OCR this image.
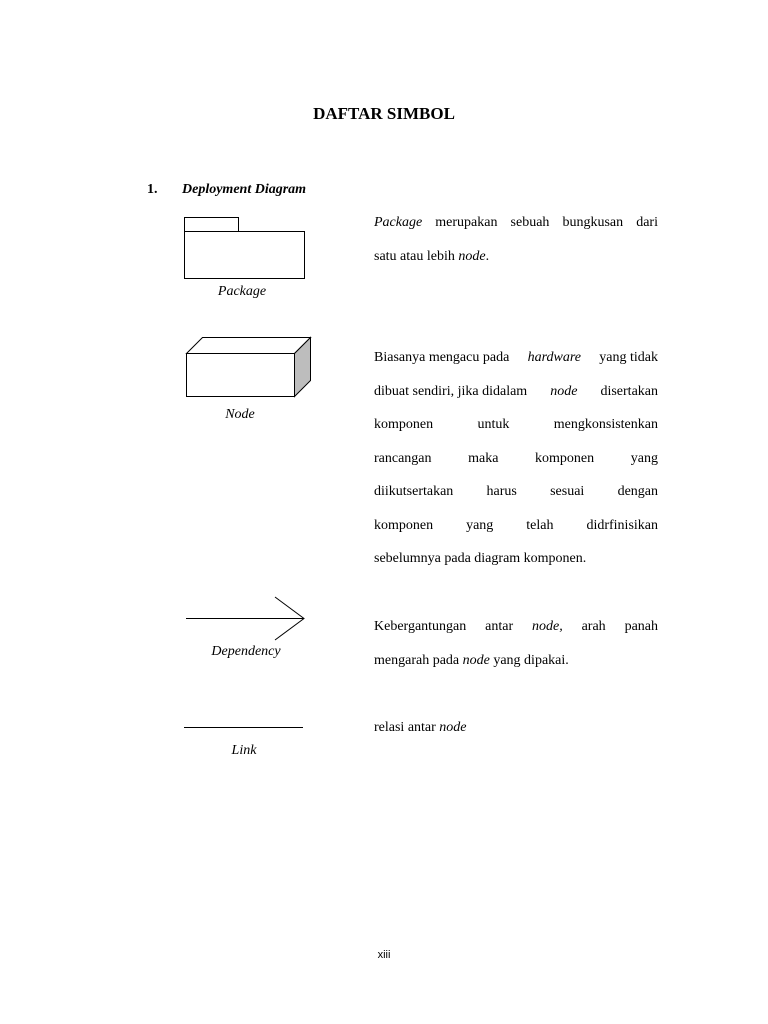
DAFTAR SIMBOL
1. Deployment Diagram
Package
Node
Dependency
Link
Package merupakan sebuah bungkusan dari
satu atau lebih node.
Biasanya mengacu pada hardware yang tidak
dibuat sendiri, jika didalam node disertakan
komponen	untuk	mengkonsistenkan
rancangan	maka	komponen	yang
diikutsertakan harus sesuai dengan
komponen yang telah didrfinisikan
sebelumnya pada diagram komponen.
Kebergantungan antar node, arah panah
mengarah pada node yang dipakai.
relasi antar node
xiii
